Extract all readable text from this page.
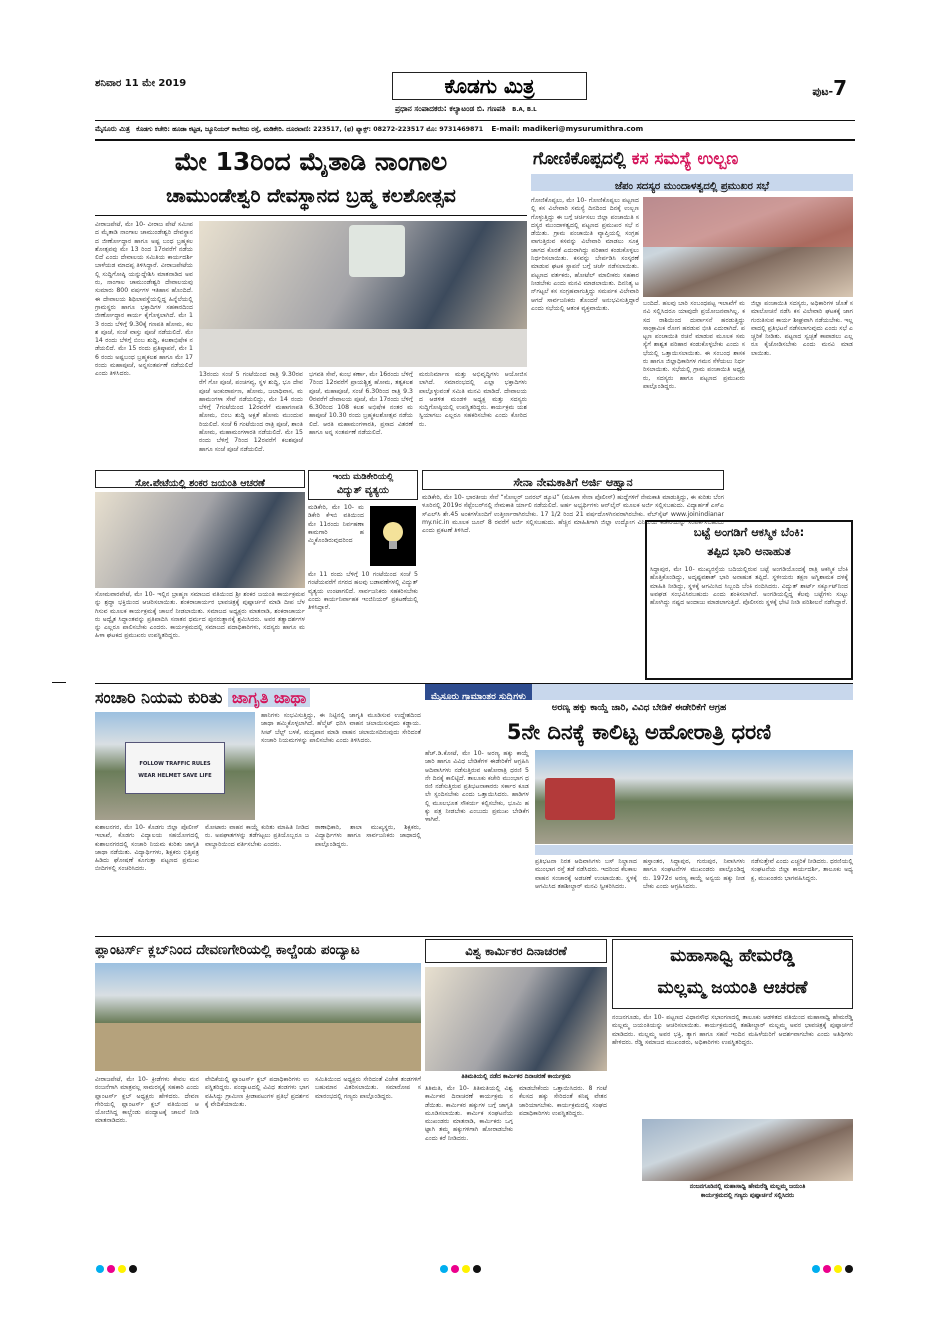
ಶನಿವಾರ 11 ಮೇ 2019	ಕೊಡಗು ಮಿತ್ರ	ಪುಟ-7
ಪ್ರಧಾನ ಸಂಪಾದಕರು: ಕಲ್ಯಾಟಂಡ ಬಿ. ಗಣಪತಿ B.A, B.L
ಮೈಸೂರು ಮಿತ್ರ ಕೊಡಗು ಕಚೇರಿ: ಹೂಡಾ ಕಟ್ಟಡ, ಜ್ಯೂನಿಯರ್ ಕಾಲೇಜು ರಸ್ತೆ, ಮಡಿಕೇರಿ. ದೂರವಾಣಿ: 223517, (ಫ) ಫ್ಯಾಕ್ಸ್: 08272-223517 ಮೊ: 9731469871 E-mail: madikeri@mysurumithra.com
ಮೇ 13ರಿಂದ ಮೈತಾಡಿ ನಾಂಗಾಲ
ಚಾಮುಂಡೇಶ್ವರಿ ದೇವಸ್ಥಾನದ ಬ್ರಹ್ಮ ಕಲಶೋತ್ಸವ
ವೀರಾಜಪೇಟೆ, ಮೇ 10- ವೀರಾಜ ಪೇಟೆ ಸಮೀಪದ ಮೈತಾಡಿ ನಾಂಗಾಲ ಚಾಮುಂಡೇಶ್ವರಿ ದೇವಸ್ಥಾನದ ಜೀರ್ಣೋದ್ಧಾರ ಹಾಗೂ ಅಷ್ಟ ಬಂಧ ಬ್ರಹ್ಮಕಲಶೋತ್ಸವವು ಮೇ 13 ರಿಂದ 17ರವರೆಗೆ ನಡೆಯಲಿದೆ ಎಂದು ದೇವಾಲಯ ಸಮಿತಿಯ ಕಾರ್ಯದರ್ಶಿ ಬಾಳೆಯಡ ಮಾದಪ್ಪ ತಿಳಿಸಿದ್ದಾರೆ. ವೀರಾಜಪೇಟೆಯಲ್ಲಿ ಸುದ್ದಿಗೋಷ್ಠಿ ಯನ್ನುದ್ದೇಶಿಸಿ ಮಾತನಾಡಿದ ಅವರು, ನಾಂಗಾಲ ಚಾಮುಂಡೇಶ್ವರಿ ದೇವಾಲಯವು ಸುಮಾರು 800 ವರ್ಷಗಳ ಇತಿಹಾಸ ಹೊಂದಿದೆ. ಈ ದೇವಾಲಯ ಶಿಥಿಲಾವಸ್ಥೆಯಲ್ಲಿದ್ದ ಹಿನ್ನೆಲೆಯಲ್ಲಿ ಗ್ರಾಮಸ್ಥರು ಹಾಗೂ ಭಕ್ತಾದಿಗಳ ಸಹಕಾರದಿಂದ ಜೀರ್ಣೋದ್ಧಾರ ಕಾರ್ಯ ಕೈಗೊಳ್ಳಲಾಗಿದೆ. ಮೇ 13 ರಂದು ಬೆಳಿಗ್ಗೆ 9.30ಕ್ಕೆ ಗಣಪತಿ ಹೋಮ, ಕಲಶ ಪೂಜೆ, ಸಂಜೆ ವಾಸ್ತು ಪೂಜೆ ನಡೆಯಲಿದೆ. ಮೇ 14 ರಂದು ಬೆಳಿಗ್ಗೆ ಬಿಂಬ ಶುದ್ಧಿ, ಕಲಶಾಭಿಷೇಕ ನಡೆಯಲಿದೆ. ಮೇ 15 ರಂದು ಪ್ರತಿಷ್ಠಾಪನೆ, ಮೇ 16 ರಂದು ಅಷ್ಟಬಂಧ ಬ್ರಹ್ಮಕಲಶ ಹಾಗೂ ಮೇ 17ರಂದು ಮಹಾಪೂಜೆ, ಅನ್ನಸಂತರ್ಪಣೆ ನಡೆಯಲಿದೆ ಎಂದು ತಿಳಿಸಿದರು.	13ರಂದು ಸಂಜೆ 5 ಗಂಟೆಯಿಂದ ರಾತ್ರಿ 9.30ರವರೆಗೆ ಗೋ ಪೂಜೆ, ಪಂಚಗವ್ಯ, ಸ್ಥಳ ಶುದ್ಧಿ, ಭೂ ದೇವಪೂಜೆ ಅಂಕುರಾರ್ಪಣ, ಹೋಮ, ಜಲಾಧಿವಾಸ, ಮಹಾಮಂಗಳಾ ಸೇವೆ ನಡೆಯಲಿದ್ದು, ಮೇ 14 ರಂದು ಬೆಳಿಗ್ಗೆ 7ಗಂಟೆಯಿಂದ 12ರವರೆಗೆ ಮಹಾಗಣಪತಿ ಹೋಮ, ಬಿಂಬ ಶುದ್ಧಿ ಅಕ್ಷತೆ ಹೋಮ ಮುಂದುವರಿಯಲಿದೆ. ಸಂಜೆ 6 ಗಂಟೆಯಿಂದ ರಾತ್ರಿ ಪೂಜೆ, ಶಾಂತಿ ಹೋಮ, ಮಹಾಮಂಗಳಾರತಿ ನಡೆಯಲಿದೆ. ಮೇ 15 ರಂದು ಬೆಳಿಗ್ಗೆ 7ರಿಂದ 12ರವರೆಗೆ ಕಲಶಪೂಜೆ ಹಾಗೂ ಸಂಜೆ ಪೂಜೆ ನಡೆಯಲಿದೆ.
ಭಗವತಿ ಸೇವೆ, ಕುಂಭ ಕರ್ಣಾ, ಮೇ 16ರಂದು ಬೆಳಿಗ್ಗೆ 7ರಿಂದ 12ರವರೆಗೆ ಪ್ರಾಯಶ್ಚಿತ್ತ ಹೋಮ, ತತ್ವಕಲಶಪೂಜೆ, ಮಹಾಪೂಜೆ, ಸಂಜೆ 6.30ರಿಂದ ರಾತ್ರಿ 9.30ರವರೆಗೆ ದೇವಾಲಯ ಪೂಜೆ, ಮೇ 17ರಂದು ಬೆಳಿಗ್ಗೆ 6.30ರಿಂದ 108 ಕಲಶ ಅಭಿಷೇಕ ನಂತರ ಮಹಾಪೂಜೆ 10.30 ರಂದು ಬ್ರಹ್ಮಕಲಶೋತ್ಸವ ನಡೆಯಲಿದೆ. ಆರತಿ ಮಹಾಮಂಗಳಾರತಿ, ಪ್ರಸಾದ ವಿತರಣೆ ಹಾಗೂ ಅನ್ನ ಸಂತರ್ಪಣೆ ನಡೆಯಲಿದೆ.
ಮರುನಿರ್ಮಾಣ ಮತ್ತು ಅಭಿವೃದ್ಧಿಗಳು ಆಯೋಜಿಸಲಾಗಿದೆ. ಸಮಾರಂಭದಲ್ಲಿ ಎಲ್ಲಾ ಭಕ್ತಾದಿಗಳು ಪಾಲ್ಗೊಳ್ಳುವಂತೆ ಸಮಿತಿ ಮನವಿ ಮಾಡಿದೆ. ದೇವಾಲಯದ ಆಡಳಿತ ಮಂಡಳಿ ಅಧ್ಯಕ್ಷ ಮತ್ತು ಸದಸ್ಯರು ಸುದ್ದಿಗೋಷ್ಠಿಯಲ್ಲಿ ಉಪಸ್ಥಿತರಿದ್ದರು. ಕಾರ್ಯಕ್ರಮ ಯಶಸ್ವಿಯಾಗಲು ಎಲ್ಲರೂ ಸಹಕರಿಸಬೇಕು ಎಂದು ಕೋರಿದರು.
ಗೋಣಿಕೊಪ್ಪದಲ್ಲಿ ಕಸ ಸಮಸ್ಯೆ ಉಲ್ಬಣ
ಜೆಪಂ ಸದಸ್ಯರ ಮುಂದಾಳತ್ವದಲ್ಲಿ ಪ್ರಮುಖರ ಸಭೆ
ಗೋಣಿಕೊಪ್ಪಲು, ಮೇ 10- ಗೋಣಿಕೊಪ್ಪಲು ಪಟ್ಟಣದಲ್ಲಿ ಕಸ ವಿಲೇವಾರಿ ಸಮಸ್ಯೆ ದಿನದಿಂದ ದಿನಕ್ಕೆ ಉಲ್ಬಣಗೊಳ್ಳುತ್ತಿದ್ದು ಈ ಬಗ್ಗೆ ಚರ್ಚಿಸಲು ಜಿಲ್ಲಾ ಪಂಚಾಯಿತಿ ಸದಸ್ಯರ ಮುಂದಾಳತ್ವದಲ್ಲಿ ಪಟ್ಟಣದ ಪ್ರಮುಖರ ಸಭೆ ನಡೆಯಿತು. ಗ್ರಾಮ ಪಂಚಾಯಿತಿ ವ್ಯಾಪ್ತಿಯಲ್ಲಿ ಸಂಗ್ರಹವಾಗುತ್ತಿರುವ ಕಸವನ್ನು ವಿಲೇವಾರಿ ಮಾಡಲು ಸೂಕ್ತ ಜಾಗದ ಕೊರತೆ ಎದುರಾಗಿದ್ದು ಪರಿಹಾರ ಕಂಡುಕೊಳ್ಳಲು ನಿರ್ಧರಿಸಲಾಯಿತು. ಕಸವನ್ನು ಬೇರ್ಪಡಿಸಿ ಸಂಸ್ಕರಣೆ ಮಾಡುವ ಘಟಕ ಸ್ಥಾಪನೆ ಬಗ್ಗೆ ಚರ್ಚೆ ನಡೆಸಲಾಯಿತು. ಪಟ್ಟಣದ ವರ್ತಕರು, ಹೋಟೆಲ್ ಮಾಲೀಕರು ಸಹಕಾರ ನೀಡಬೇಕು ಎಂದು ಮನವಿ ಮಾಡಲಾಯಿತು. ದಿನನಿತ್ಯ ಟನ್‌ಗಟ್ಟಲೆ ಕಸ ಸಂಗ್ರಹವಾಗುತ್ತಿದ್ದು ಸಮರ್ಪಕ ವಿಲೇವಾರಿ ಆಗದೆ ಸಾರ್ವಜನಿಕರು ತೊಂದರೆ ಅನುಭವಿಸುತ್ತಿದ್ದಾರೆ ಎಂದು ಸಭೆಯಲ್ಲಿ ಆತಂಕ ವ್ಯಕ್ತವಾಯಿತು.
ಬಂದಿದೆ. ಹಲವು ಬಾರಿ ಸಂಬಂಧಪಟ್ಟ ಇಲಾಖೆಗೆ ಮನವಿ ಸಲ್ಲಿಸಿದರೂ ಯಾವುದೇ ಪ್ರಯೋಜನವಾಗಿಲ್ಲ. ಕಸದ ರಾಶಿಯಿಂದ ದುರ್ವಾಸನೆ ಹರಡುತ್ತಿದ್ದು ಸಾಂಕ್ರಾಮಿಕ ರೋಗ ಹರಡುವ ಭೀತಿ ಎದುರಾಗಿದೆ. ಪಟ್ಟಣ ಪಂಚಾಯಿತಿ ರಚನೆ ಮಾಡುವ ಮೂಲಕ ಸಮಸ್ಯೆಗೆ ಶಾಶ್ವತ ಪರಿಹಾರ ಕಂಡುಕೊಳ್ಳಬೇಕು ಎಂದು ಸಭೆಯಲ್ಲಿ ಒತ್ತಾಯಿಸಲಾಯಿತು. ಈ ಸಂಬಂಧ ಶಾಸಕರು ಹಾಗೂ ಜಿಲ್ಲಾಧಿಕಾರಿಗಳ ಗಮನ ಸೆಳೆಯಲು ನಿರ್ಧರಿಸಲಾಯಿತು. ಸಭೆಯಲ್ಲಿ ಗ್ರಾಮ ಪಂಚಾಯಿತಿ ಅಧ್ಯಕ್ಷರು, ಸದಸ್ಯರು ಹಾಗೂ ಪಟ್ಟಣದ ಪ್ರಮುಖರು ಪಾಲ್ಗೊಂಡಿದ್ದರು.
ಜಿಲ್ಲಾ ಪಂಚಾಯಿತಿ ಸದಸ್ಯರು, ಅಧಿಕಾರಿಗಳ ಜೊತೆ ಸಮಾಲೋಚನೆ ನಡೆಸಿ ಕಸ ವಿಲೇವಾರಿ ಘಟಕಕ್ಕೆ ಜಾಗ ಗುರುತಿಸುವ ಕಾರ್ಯ ಶೀಘ್ರವಾಗಿ ನಡೆಯಬೇಕು. ಇಲ್ಲವಾದಲ್ಲಿ ಪ್ರತಿಭಟನೆ ನಡೆಸಲಾಗುವುದು ಎಂದು ಸಭೆ ಎಚ್ಚರಿಕೆ ನೀಡಿತು. ಪಟ್ಟಣದ ಸ್ವಚ್ಛತೆ ಕಾಪಾಡಲು ಎಲ್ಲರೂ ಕೈಜೋಡಿಸಬೇಕು ಎಂದು ಮನವಿ ಮಾಡಲಾಯಿತು.
ಸೋ.ಪೇಟೆಯಲ್ಲಿ ಶಂಕರ ಜಯಂತಿ ಆಚರಣೆ
ಸೋಮವಾರಪೇಟೆ, ಮೇ 10- ಇಲ್ಲಿನ ಬ್ರಾಹ್ಮಣ ಸಮಾಜದ ವತಿಯಿಂದ ಶ್ರೀ ಶಂಕರ ಜಯಂತಿ ಕಾರ್ಯಕ್ರಮವನ್ನು ಶ್ರದ್ಧಾ ಭಕ್ತಿಯಿಂದ ಆಚರಿಸಲಾಯಿತು. ಶಂಕರಾಚಾರ್ಯರ ಭಾವಚಿತ್ರಕ್ಕೆ ಪುಷ್ಪಾರ್ಚನೆ ಮಾಡಿ ದೀಪ ಬೆಳಗಿಸುವ ಮೂಲಕ ಕಾರ್ಯಕ್ರಮಕ್ಕೆ ಚಾಲನೆ ನೀಡಲಾಯಿತು. ಸಮಾಜದ ಅಧ್ಯಕ್ಷರು ಮಾತನಾಡಿ, ಶಂಕರಾಚಾರ್ಯರು ಅದ್ವೈತ ಸಿದ್ಧಾಂತವನ್ನು ಪ್ರತಿಪಾದಿಸಿ ಸನಾತನ ಧರ್ಮದ ಪುನರುತ್ಥಾನಕ್ಕೆ ಶ್ರಮಿಸಿದರು. ಅವರ ತತ್ವಾದರ್ಶಗಳನ್ನು ಎಲ್ಲರೂ ಪಾಲಿಸಬೇಕು ಎಂದರು. ಕಾರ್ಯಕ್ರಮದಲ್ಲಿ ಸಮಾಜದ ಪದಾಧಿಕಾರಿಗಳು, ಸದಸ್ಯರು ಹಾಗೂ ಮಹಿಳಾ ಘಟಕದ ಪ್ರಮುಖರು ಉಪಸ್ಥಿತರಿದ್ದರು.
ಇಂದು ಮಡಿಕೇರಿಯಲ್ಲಿ
ವಿದ್ಯುತ್ ವ್ಯತ್ಯಯ
ಮಡಿಕೇರಿ, ಮೇ 10- ಮಡಿಕೇರಿ ಕೆಇಬಿ ವತಿಯಿಂದ ಮೇ 11ರಂದು ನಿರ್ವಹಣಾ ಕಾಮಗಾರಿ ಹಮ್ಮಿಕೊಂಡಿರುವುದರಿಂದ
ಮೇ 11 ರಂದು ಬೆಳಿಗ್ಗೆ 10 ಗಂಟೆಯಿಂದ ಸಂಜೆ 5 ಗಂಟೆಯವರೆಗೆ ನಗರದ ಹಲವು ಬಡಾವಣೆಗಳಲ್ಲಿ ವಿದ್ಯುತ್ ವ್ಯತ್ಯಯ ಉಂಟಾಗಲಿದೆ. ಸಾರ್ವಜನಿಕರು ಸಹಕರಿಸಬೇಕು ಎಂದು ಕಾರ್ಯನಿರ್ವಾಹಕ ಇಂಜಿನಿಯರ್ ಪ್ರಕಟಣೆಯಲ್ಲಿ ತಿಳಿಸಿದ್ದಾರೆ.
ಸೇನಾ ನೇಮಕಾತಿಗೆ ಅರ್ಜಿ ಆಹ್ವಾನ
ಮಡಿಕೇರಿ, ಮೇ 10- ಭಾರತೀಯ ಸೇನೆ “ಸೋಲ್ಜರ್ ಜನರಲ್ ಡ್ಯೂಟಿ” (ಮಹಿಳಾ ಸೇನಾ ಪೊಲೀಸ್) ಹುದ್ದೆಗಳಿಗೆ ನೇಮಕಾತಿ ಮಾಡುತ್ತಿದ್ದು, ಈ ಕುರಿತು ಬೆಂಗಳೂರಿನಲ್ಲಿ 2019ರ ಸೆಪ್ಟೆಂಬರ್‌ನಲ್ಲಿ ನೇಮಕಾತಿ ರ್ಯಾಲಿ ನಡೆಯಲಿದೆ. ಅರ್ಹ ಅಭ್ಯರ್ಥಿಗಳು ಆನ್‌ಲೈನ್ ಮೂಲಕ ಅರ್ಜಿ ಸಲ್ಲಿಸಬಹುದು. ವಿದ್ಯಾರ್ಹತೆ ಎಸ್‌ಎಸ್‌ಎಲ್‌ಸಿ ಶೇ.45 ಅಂಕಗಳೊಂದಿಗೆ ಉತ್ತೀರ್ಣರಾಗಿರಬೇಕು. 17 1/2 ರಿಂದ 21 ವರ್ಷದೊಳಗಿನವರಾಗಿರಬೇಕು. ವೆಬ್‌ಸೈಟ್ www.joinindianarmy.nic.in ಮೂಲಕ ಜೂನ್ 8 ರವರೆಗೆ ಅರ್ಜಿ ಸಲ್ಲಿಸಬಹುದು. ಹೆಚ್ಚಿನ ಮಾಹಿತಿಗಾಗಿ ಜಿಲ್ಲಾ ಉದ್ಯೋಗ ವಿನಿಮಯ ಕಚೇರಿಯನ್ನು ಸಂಪರ್ಕಿಸಬಹುದು ಎಂದು ಪ್ರಕಟಣೆ ತಿಳಿಸಿದೆ.	ಬಟ್ಟೆ ಅಂಗಡಿಗೆ ಆಕಸ್ಮಿಕ ಬೆಂಕಿ:
ತಪ್ಪಿದ ಭಾರಿ ಅನಾಹುತ
ಸಿದ್ದಾಪುರ, ಮೇ 10- ಮುಖ್ಯರಸ್ತೆಯ ಬದಿಯಲ್ಲಿರುವ ಬಟ್ಟೆ ಅಂಗಡಿಯೊಂದಕ್ಕೆ ರಾತ್ರಿ ಆಕಸ್ಮಿಕ ಬೆಂಕಿ ಹೊತ್ತಿಕೊಂಡಿದ್ದು, ಅದೃಷ್ಟವಶಾತ್ ಭಾರಿ ಅನಾಹುತ ತಪ್ಪಿದೆ. ಸ್ಥಳೀಯರು ತಕ್ಷಣ ಅಗ್ನಿಶಾಮಕ ದಳಕ್ಕೆ ಮಾಹಿತಿ ನೀಡಿದ್ದು, ಸ್ಥಳಕ್ಕೆ ಆಗಮಿಸಿದ ಸಿಬ್ಬಂದಿ ಬೆಂಕಿ ನಂದಿಸಿದರು. ವಿದ್ಯುತ್ ಶಾರ್ಟ್ ಸರ್ಕ್ಯೂಟ್‌ನಿಂದ ಅವಘಡ ಸಂಭವಿಸಿರಬಹುದು ಎಂದು ಶಂಕಿಸಲಾಗಿದೆ. ಅಂಗಡಿಯಲ್ಲಿದ್ದ ಕೆಲವು ಬಟ್ಟೆಗಳು ಸುಟ್ಟು ಹೋಗಿದ್ದು ನಷ್ಟದ ಅಂದಾಜು ಮಾಡಲಾಗುತ್ತಿದೆ. ಪೊಲೀಸರು ಸ್ಥಳಕ್ಕೆ ಭೇಟಿ ನೀಡಿ ಪರಿಶೀಲನೆ ನಡೆಸಿದ್ದಾರೆ.
ಸಂಚಾರಿ ನಿಯಮ ಕುರಿತು ಜಾಗೃತಿ ಜಾಥಾ
FOLLOW TRAFFIC RULES
WEAR HELMET SAVE LIFE
ಹಾನಿಗಳು ಸಂಭವಿಸುತ್ತಿದ್ದು, ಈ ನಿಟ್ಟಿನಲ್ಲಿ ಜಾಗೃತಿ ಮೂಡಿಸುವ ಉದ್ದೇಶದಿಂದ ಜಾಥಾ ಹಮ್ಮಿಕೊಳ್ಳಲಾಗಿದೆ. ಹೆಲ್ಮೆಟ್ ಧರಿಸಿ ವಾಹನ ಚಲಾಯಿಸುವುದು ಕಡ್ಡಾಯ. ಸೀಟ್ ಬೆಲ್ಟ್ ಬಳಕೆ, ಮದ್ಯಪಾನ ಮಾಡಿ ವಾಹನ ಚಲಾಯಿಸದಿರುವುದು ಸೇರಿದಂತೆ ಸಂಚಾರಿ ನಿಯಮಗಳನ್ನು ಪಾಲಿಸಬೇಕು ಎಂದು ತಿಳಿಸಿದರು.
ಕುಶಾಲನಗರ, ಮೇ 10- ಕೊಡಗು ಜಿಲ್ಲಾ ಪೊಲೀಸ್ ಇಲಾಖೆ, ಕೊಡಗು ವಿದ್ಯಾಲಯ ಸಹಯೋಗದಲ್ಲಿ ಕುಶಾಲನಗರದಲ್ಲಿ ಸಂಚಾರಿ ನಿಯಮ ಕುರಿತು ಜಾಗೃತಿ ಜಾಥಾ ನಡೆಯಿತು. ವಿದ್ಯಾರ್ಥಿಗಳು, ಶಿಕ್ಷಕರು ಭಿತ್ತಿಪತ್ರ ಹಿಡಿದು ಘೋಷಣೆ ಕೂಗುತ್ತಾ ಪಟ್ಟಣದ ಪ್ರಮುಖ ಬೀದಿಗಳಲ್ಲಿ ಸಂಚರಿಸಿದರು.
ಮೋಟಾರು ವಾಹನ ಕಾಯ್ದೆ ಕುರಿತು ಮಾಹಿತಿ ನೀಡಿದರು. ಅಪಘಾತಗಳನ್ನು ತಡೆಗಟ್ಟಲು ಪ್ರತಿಯೊಬ್ಬರೂ ಜವಾಬ್ದಾರಿಯಿಂದ ವರ್ತಿಸಬೇಕು ಎಂದರು.
ಠಾಣಾಧಿಕಾರಿ, ಶಾಲಾ ಮುಖ್ಯಸ್ಥರು, ಶಿಕ್ಷಕರು, ವಿದ್ಯಾರ್ಥಿಗಳು ಹಾಗೂ ಸಾರ್ವಜನಿಕರು ಜಾಥಾದಲ್ಲಿ ಪಾಲ್ಗೊಂಡಿದ್ದರು.
ಮೈಸೂರು ಗ್ರಾಮಾಂತರ ಸುದ್ದಿಗಳು
ಅರಣ್ಯ ಹಕ್ಕು ಕಾಯ್ದೆ ಜಾರಿ, ವಿವಿಧ ಬೇಡಿಕೆ ಈಡೇರಿಕೆಗೆ ಆಗ್ರಹ
5ನೇ ದಿನಕ್ಕೆ ಕಾಲಿಟ್ಟ ಅಹೋರಾತ್ರಿ ಧರಣಿ
ಹೆಚ್.ಡಿ.ಕೋಟೆ, ಮೇ 10- ಅರಣ್ಯ ಹಕ್ಕು ಕಾಯ್ದೆ ಜಾರಿ ಹಾಗೂ ವಿವಿಧ ಬೇಡಿಕೆಗಳ ಈಡೇರಿಕೆಗೆ ಆಗ್ರಹಿಸಿ ಆದಿವಾಸಿಗಳು ನಡೆಸುತ್ತಿರುವ ಅಹೋರಾತ್ರಿ ಧರಣಿ 5ನೇ ದಿನಕ್ಕೆ ಕಾಲಿಟ್ಟಿದೆ. ತಾಲೂಕು ಕಚೇರಿ ಮುಂಭಾಗ ಧರಣಿ ನಡೆಸುತ್ತಿರುವ ಪ್ರತಿಭಟನಾಕಾರರು ಸರ್ಕಾರ ಕೂಡಲೇ ಸ್ಪಂದಿಸಬೇಕು ಎಂದು ಒತ್ತಾಯಿಸಿದರು. ಹಾಡಿಗಳಲ್ಲಿ ಮೂಲಭೂತ ಸೌಕರ್ಯ ಕಲ್ಪಿಸಬೇಕು, ಭೂಮಿ ಹಕ್ಕು ಪತ್ರ ನೀಡಬೇಕು ಎಂಬುದು ಪ್ರಮುಖ ಬೇಡಿಕೆಗಳಾಗಿವೆ.
ಪ್ರತಿಭಟನಾ ನಿರತ ಆದಿವಾಸಿಗಳು ಬಸ್ ನಿಲ್ದಾಣದ ಮುಂಭಾಗ ರಸ್ತೆ ತಡೆ ನಡೆಸಿದರು. ಇದರಿಂದ ಕೆಲಕಾಲ ವಾಹನ ಸಂಚಾರಕ್ಕೆ ಅಡಚಣೆ ಉಂಟಾಯಿತು. ಸ್ಥಳಕ್ಕೆ ಆಗಮಿಸಿದ ತಹಶೀಲ್ದಾರ್ ಮನವಿ ಸ್ವೀಕರಿಸಿದರು.
ಹಸ್ತಾಂತರ, ಸಿದ್ದಾಪುರ, ಗುರುಪುರ, ನಿವಾಸಿಗಳು ಹಾಗೂ ಸಂಘಟನೆಗಳ ಮುಖಂಡರು ಪಾಲ್ಗೊಂಡಿದ್ದರು. 1972ರ ಅರಣ್ಯ ಕಾಯ್ದೆ ಅನ್ವಯ ಹಕ್ಕು ನೀಡಬೇಕು ಎಂದು ಆಗ್ರಹಿಸಿದರು.
ನಡೆಸುತ್ತೇವೆ ಎಂದು ಎಚ್ಚರಿಕೆ ನೀಡಿದರು. ಧರಣಿಯಲ್ಲಿ ಸಂಘಟನೆಯ ಜಿಲ್ಲಾ ಕಾರ್ಯದರ್ಶಿ, ತಾಲೂಕು ಅಧ್ಯಕ್ಷ, ಮುಖಂಡರು ಭಾಗವಹಿಸಿದ್ದರು.
ಪ್ಲಾಂಟರ್ಸ್ ಕ್ಲಬ್‌ನಿಂದ ದೇವಣಗೇರಿಯಲ್ಲಿ ಕಾಲ್ಚೆಂಡು ಪಂದ್ಯಾಟ
ವೀರಾಜಪೇಟೆ, ಮೇ 10- ಕ್ರೀಡೆಗಳು ಕೇವಲ ಮನರಂಜನೆಗಾಗಿ ಮಾತ್ರವಲ್ಲ ಸಾಮರಸ್ಯಕ್ಕೆ ಸಹಕಾರಿ ಎಂದು ಪ್ಲಾಂಟರ್ಸ್ ಕ್ಲಬ್ ಅಧ್ಯಕ್ಷರು ಹೇಳಿದರು. ದೇವಣಗೇರಿಯಲ್ಲಿ ಪ್ಲಾಂಟರ್ಸ್ ಕ್ಲಬ್ ವತಿಯಿಂದ ಆಯೋಜಿಸಿದ್ದ ಕಾಲ್ಚೆಂಡು ಪಂದ್ಯಾಟಕ್ಕೆ ಚಾಲನೆ ನೀಡಿ ಮಾತನಾಡಿದರು.
ವೇದಿಕೆಯಲ್ಲಿ ಪ್ಲಾಂಟರ್ಸ್ ಕ್ಲಬ್ ಪದಾಧಿಕಾರಿಗಳು ಉಪಸ್ಥಿತರಿದ್ದರು. ಪಂದ್ಯಾಟದಲ್ಲಿ ವಿವಿಧ ತಂಡಗಳು ಭಾಗವಹಿಸಿದ್ದು ಗ್ರಾಮೀಣ ಕ್ರೀಡಾಪಟುಗಳ ಪ್ರತಿಭೆ ಪ್ರದರ್ಶನಕ್ಕೆ ವೇದಿಕೆಯಾಯಿತು.
ಸಮಿತಿಯಿಂದ ಅಧ್ಯಕ್ಷರು ಸೇರಿದಂತೆ ವಿಜೇತ ತಂಡಗಳಿಗೆ ಬಹುಮಾನ ವಿತರಿಸಲಾಯಿತು. ಸಮಾರೋಪ ಸಮಾರಂಭದಲ್ಲಿ ಗಣ್ಯರು ಪಾಲ್ಗೊಂಡಿದ್ದರು.
ವಿಶ್ವ ಕಾರ್ಮಿಕರ ದಿನಾಚರಣೆ
ತಿತಿಮತಿಯಲ್ಲಿ ನಡೆದ ಕಾರ್ಮಿಕರ ದಿನಾಚರಣೆ ಕಾರ್ಯಕ್ರಮ
ತಿತಿಮತಿ, ಮೇ 10- ತಿತಿಮತಿಯಲ್ಲಿ ವಿಶ್ವ ಕಾರ್ಮಿಕರ ದಿನಾಚರಣೆ ಕಾರ್ಯಕ್ರಮ ನಡೆಯಿತು. ಕಾರ್ಮಿಕರ ಹಕ್ಕುಗಳ ಬಗ್ಗೆ ಜಾಗೃತಿ ಮೂಡಿಸಲಾಯಿತು. ಕಾರ್ಮಿಕ ಸಂಘಟನೆಯ ಮುಖಂಡರು ಮಾತನಾಡಿ, ಕಾರ್ಮಿಕರು ಒಗ್ಗಟ್ಟಾಗಿ ತಮ್ಮ ಹಕ್ಕುಗಳಿಗಾಗಿ ಹೋರಾಡಬೇಕು ಎಂದು ಕರೆ ನೀಡಿದರು.
ಮಾಡಬೇಕೆಂದು ಒತ್ತಾಯಿಸಿದರು. 8 ಗಂಟೆ ಕೆಲಸದ ಹಕ್ಕು ಸೇರಿದಂತೆ ಕನಿಷ್ಠ ವೇತನ ಜಾರಿಯಾಗಬೇಕು. ಕಾರ್ಯಕ್ರಮದಲ್ಲಿ ಸಂಘದ ಪದಾಧಿಕಾರಿಗಳು ಉಪಸ್ಥಿತರಿದ್ದರು.
ಮಹಾಸಾಧ್ವಿ ಹೇಮರೆಡ್ಡಿ
ಮಲ್ಲಮ್ಮ ಜಯಂತಿ ಆಚರಣೆ
ನಂಜನಗೂಡು, ಮೇ 10- ಪಟ್ಟಣದ ವಿಧಾನಸೌಧ ಸಭಾಂಗಣದಲ್ಲಿ ತಾಲೂಕು ಆಡಳಿತದ ವತಿಯಿಂದ ಮಹಾಸಾಧ್ವಿ ಹೇಮರೆಡ್ಡಿ ಮಲ್ಲಮ್ಮ ಜಯಂತಿಯನ್ನು ಆಚರಿಸಲಾಯಿತು. ಕಾರ್ಯಕ್ರಮದಲ್ಲಿ ತಹಶೀಲ್ದಾರ್ ಮಲ್ಲಮ್ಮ ಅವರ ಭಾವಚಿತ್ರಕ್ಕೆ ಪುಷ್ಪಾರ್ಚನೆ ಮಾಡಿದರು. ಮಲ್ಲಮ್ಮ ಅವರ ಭಕ್ತಿ, ತ್ಯಾಗ ಹಾಗೂ ಸಹನೆ ಇಂದಿನ ಮಹಿಳೆಯರಿಗೆ ಆದರ್ಶವಾಗಬೇಕು ಎಂದು ಅತಿಥಿಗಳು ಹೇಳಿದರು. ರೆಡ್ಡಿ ಸಮಾಜದ ಮುಖಂಡರು, ಅಧಿಕಾರಿಗಳು ಉಪಸ್ಥಿತರಿದ್ದರು.
ನಂಜನಗೂಡಿನಲ್ಲಿ ಮಹಾಸಾಧ್ವಿ ಹೇಮರೆಡ್ಡಿ ಮಲ್ಲಮ್ಮ ಜಯಂತಿ
ಕಾರ್ಯಕ್ರಮದಲ್ಲಿ ಗಣ್ಯರು ಪುಷ್ಪಾರ್ಚನೆ ಸಲ್ಲಿಸಿದರು
